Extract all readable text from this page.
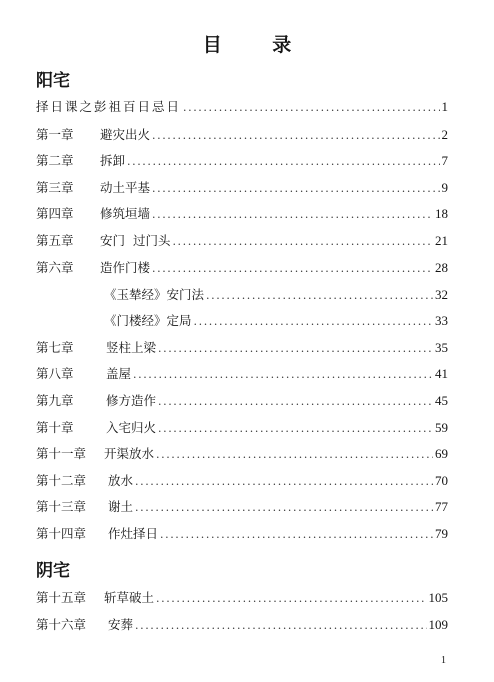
目 录
阳宅
择日课之彭祖百日忌日 .....	1
第一章	避灾出火 .....	2
第二章	拆卸 .....	7
第三章	动土平基 .....	9
第四章	修筑垣墙 .....	18
第五章	安门  过门头 .....	21
第六章	造作门楼 .....	28
《玉辇经》安门法 .....	32
《门楼经》定局 .....	33
第七章	竖柱上梁 .....	35
第八章	盖屋 .....	41
第九章	修方造作 .....	45
第十章	入宅归火 .....	59
第十一章	开渠放水 .....	69
第十二章	放水 .....	70
第十三章	谢土 .....	77
第十四章	作灶择日 .....	79
阴宅
第十五章	斩草破土 .....	105
第十六章	安葬 .....	109
1
